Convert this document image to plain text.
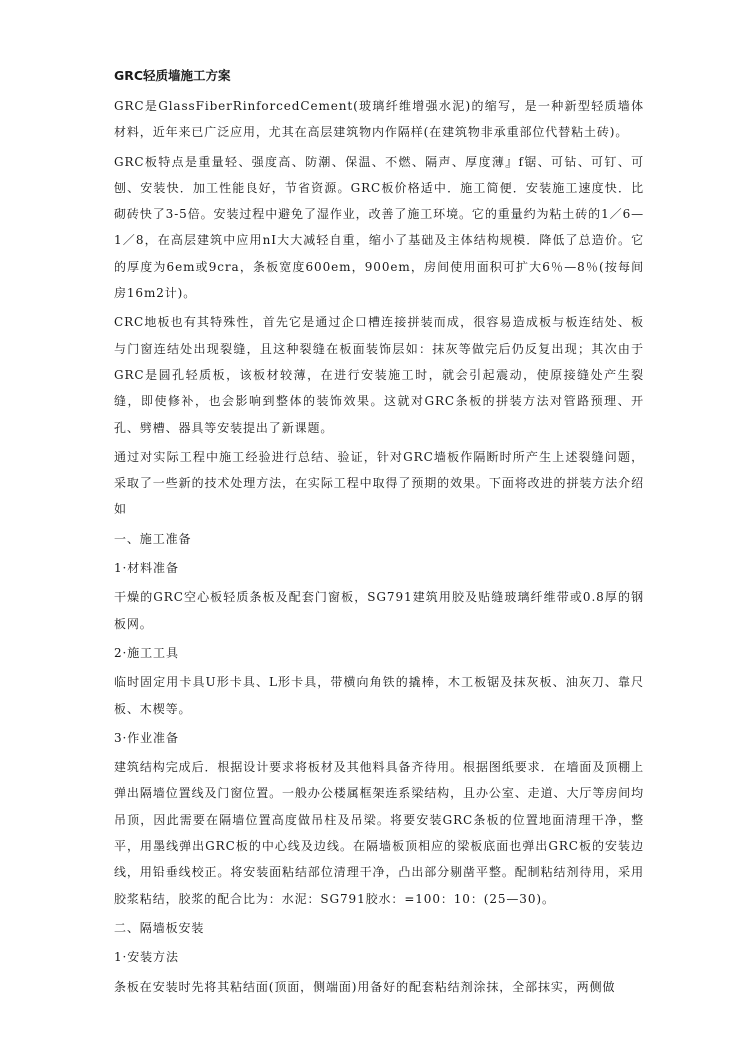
GRC轻质墙施工方案

GRC是GlassFiberRinforcedCement(玻璃纤维增强水泥)的缩写，是一种新型轻质墙体材料，近年来已广泛应用，尤其在高层建筑物内作隔样(在建筑物非承重部位代替粘土砖)。

GRC板特点是重量轻、强度高、防潮、保温、不燃、隔声、厚度薄』f锯、可钻、可钉、可刨、安装快．加工性能良好，节省资源。GRC板价格适中．施工简便．安装施工速度快．比砌砖快了3-5倍。安装过程中避免了湿作业，改善了施工环境。它的重量约为粘土砖的1／6—1／8，在高层建筑中应用nI大大减轻自重，缩小了基础及主体结构规模．降低了总造价。它的厚度为6em或9cra，条板宽度600em，900em，房间使用面积可扩大6％—8％(按每间房16m2计)。

CRC地板也有其特殊性，首先它是通过企口槽连接拼装而成，很容易造成板与板连结处、板与门窗连结处出现裂缝，且这种裂缝在板面装饰层如：抹灰等做完后仍反复出现；其次由于GRC是圆孔轻质板，该板材较薄，在进行安装施工时，就会引起震动，使原接缝处产生裂缝，即使修补，也会影响到整体的装饰效果。这就对GRC条板的拼装方法对管路预理、开孔、劈槽、器具等安装提出了新课题。

通过对实际工程中施工经验进行总结、验证，针对GRC墙板作隔断时所产生上述裂缝问题，采取了一些新的技术处理方法，在实际工程中取得了预期的效果。下面将改进的拼装方法介绍如

一、施工准备

1·材料准备

干燥的GRC空心板轻质条板及配套门窗板，SG791建筑用胶及贴缝玻璃纤维带或0.8厚的钢板网。

2·施工工具

临时固定用卡具U形卡具、L形卡具，带横向角铁的撬棒，木工板锯及抹灰板、油灰刀、靠尺板、木楔等。

3·作业准备

建筑结构完成后．根据设计要求将板材及其他料具备齐待用。根据图纸要求．在墙面及顶棚上弹出隔墙位置线及门窗位置。一般办公楼属框架连系梁结构，且办公室、走道、大厅等房间均吊顶，因此需要在隔墙位置高度做吊柱及吊梁。将要安装GRC条板的位置地面清理干净，整平，用墨线弹出GRC板的中心线及边线。在隔墙板顶相应的梁板底面也弹出GRC板的安装边线，用铅垂线校正。将安装面粘结部位清理干净，凸出部分剔凿平整。配制粘结剂待用，采用胶浆粘结，胶浆的配合比为：水泥：SG791胶水：=100：10：(25—30)。

二、隔墙板安装

1·安装方法

条板在安装时先将其粘结面(顶面，侧端面)用备好的配套粘结剂涂抹，全部抹实，两侧做
